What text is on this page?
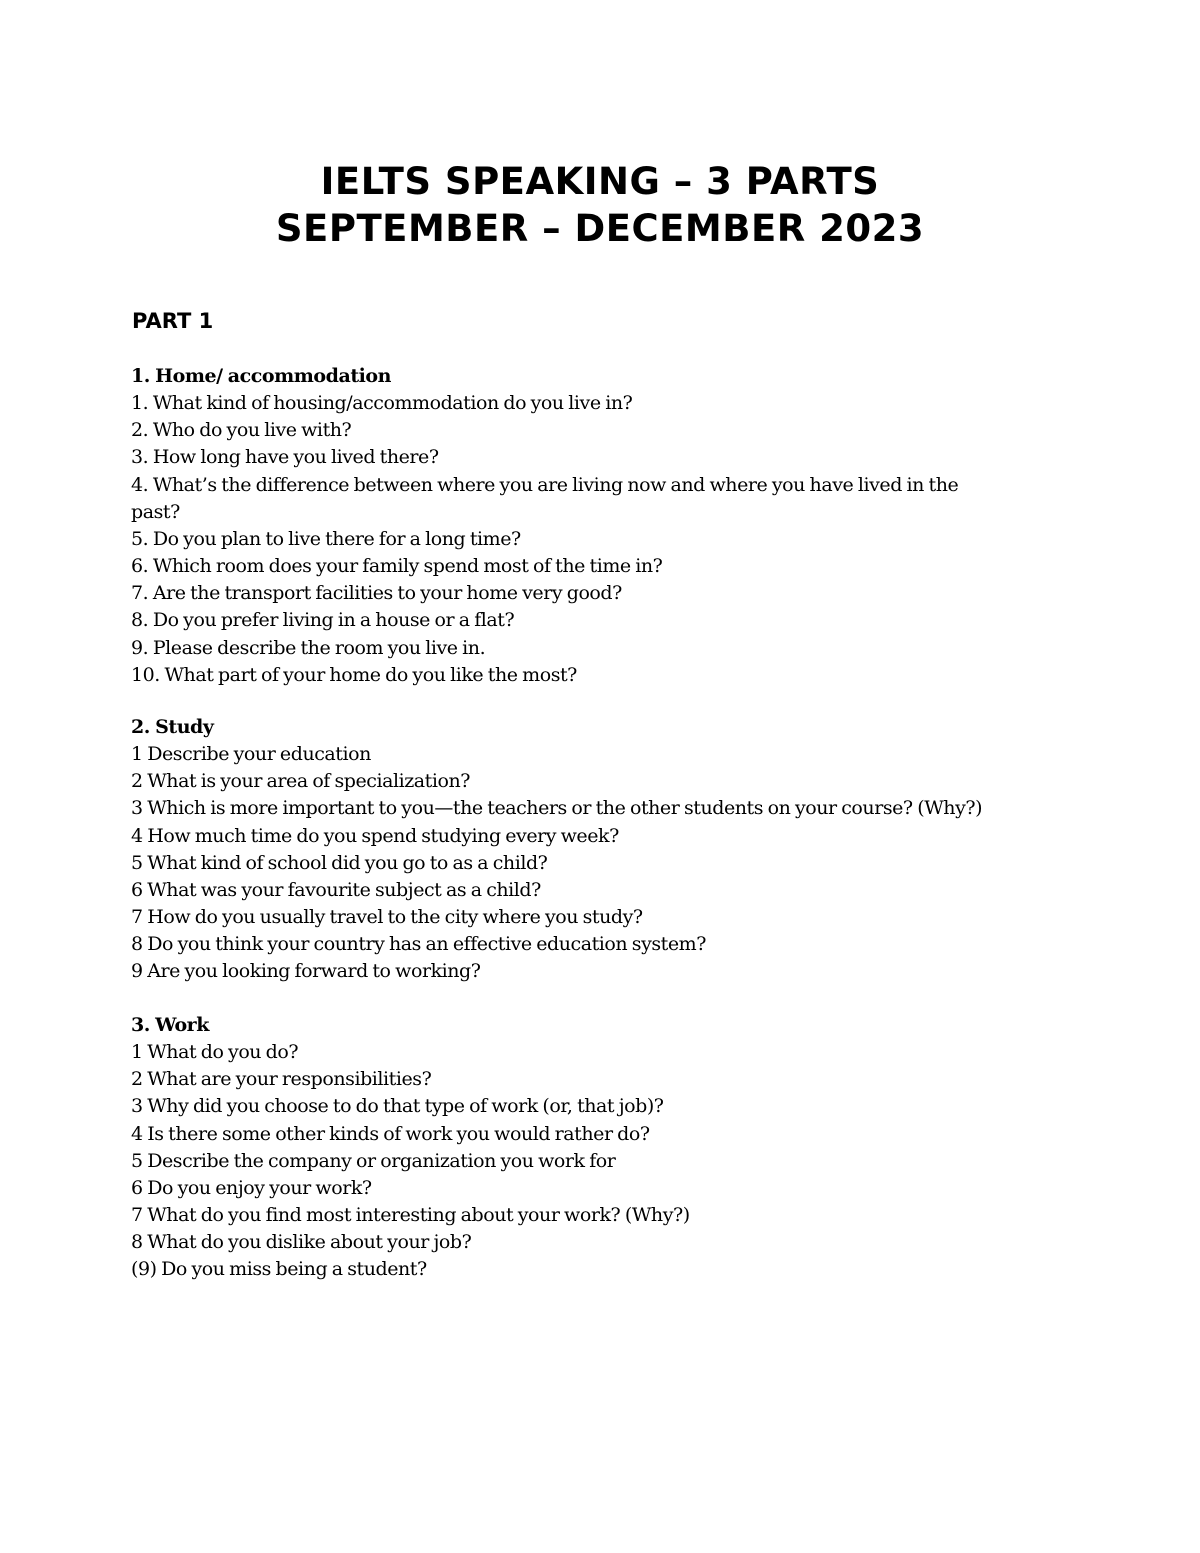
IELTS SPEAKING – 3 PARTS
SEPTEMBER – DECEMBER 2023
PART 1

1. Home/ accommodation

1. What kind of housing/accommodation do you live in?

2. Who do you live with?

3. How long have you lived there?

4. What’s the difference between where you are living now and where you have lived in the past?

5. Do you plan to live there for a long time?

6. Which room does your family spend most of the time in?

7. Are the transport facilities to your home very good?

8. Do you prefer living in a house or a flat?

9. Please describe the room you live in.

10. What part of your home do you like the most?

2. Study

1 Describe your education

2 What is your area of specialization?

3 Which is more important to you—the teachers or the other students on your course? (Why?)

4 How much time do you spend studying every week?

5 What kind of school did you go to as a child?

6 What was your favourite subject as a child?

7 How do you usually travel to the city where you study?

8 Do you think your country has an effective education system?

9 Are you looking forward to working?

3. Work

1 What do you do?

2 What are your responsibilities?

3 Why did you choose to do that type of work (or, that job)?

4 Is there some other kinds of work you would rather do?

5 Describe the company or organization you work for

6 Do you enjoy your work?

7 What do you find most interesting about your work? (Why?)

8 What do you dislike about your job?

(9) Do you miss being a student?
